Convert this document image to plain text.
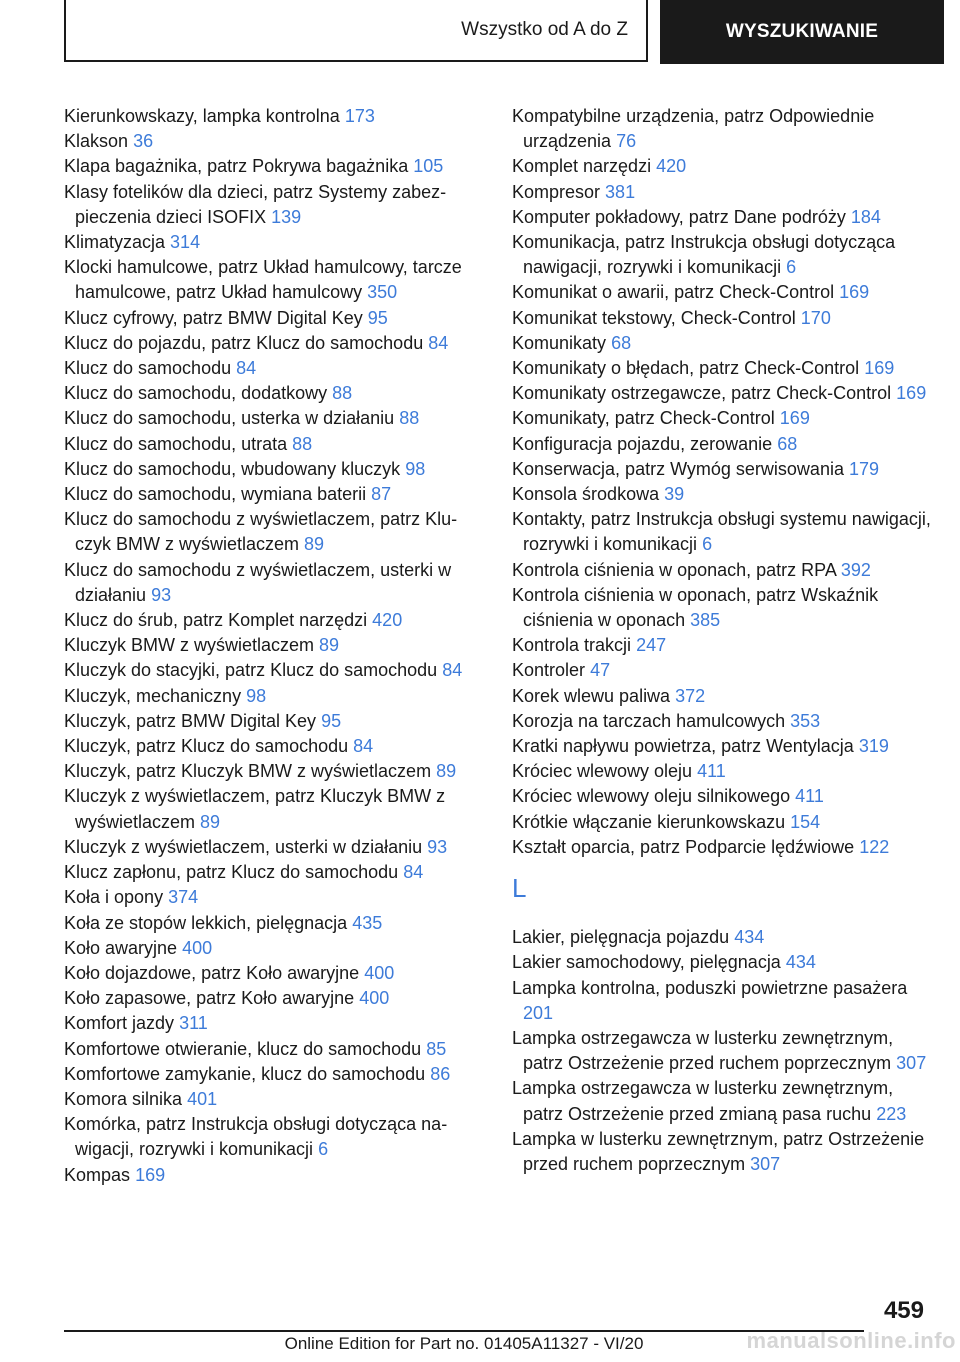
Wszystko od A do Z	WYSZUKIWANIE
Kierunkowskazy, lampka kontrolna 173
Klakson 36
Klapa bagażnika, patrz Pokrywa bagażnika 105
Klasy fotelików dla dzieci, patrz Systemy zabezpieczenia dzieci ISOFIX 139
Klimatyzacja 314
Klocki hamulcowe, patrz Układ hamulcowy, tarcze hamulcowe, patrz Układ hamulcowy 350
Klucz cyfrowy, patrz BMW Digital Key 95
Klucz do pojazdu, patrz Klucz do samochodu 84
Klucz do samochodu 84
Klucz do samochodu, dodatkowy 88
Klucz do samochodu, usterka w działaniu 88
Klucz do samochodu, utrata 88
Klucz do samochodu, wbudowany kluczyk 98
Klucz do samochodu, wymiana baterii 87
Klucz do samochodu z wyświetlaczem, patrz Kluczyk BMW z wyświetlaczem 89
Klucz do samochodu z wyświetlaczem, usterki w działaniu 93
Klucz do śrub, patrz Komplet narzędzi 420
Kluczyk BMW z wyświetlaczem 89
Kluczyk do stacyjki, patrz Klucz do samochodu 84
Kluczyk, mechaniczny 98
Kluczyk, patrz BMW Digital Key 95
Kluczyk, patrz Klucz do samochodu 84
Kluczyk, patrz Kluczyk BMW z wyświetlaczem 89
Kluczyk z wyświetlaczem, patrz Kluczyk BMW z wyświetlaczem 89
Kluczyk z wyświetlaczem, usterki w działaniu 93
Klucz zapłonu, patrz Klucz do samochodu 84
Koła i opony 374
Koła ze stopów lekkich, pielęgnacja 435
Koło awaryjne 400
Koło dojazdowe, patrz Koło awaryjne 400
Koło zapasowe, patrz Koło awaryjne 400
Komfort jazdy 311
Komfortowe otwieranie, klucz do samochodu 85
Komfortowe zamykanie, klucz do samochodu 86
Komora silnika 401
Komórka, patrz Instrukcja obsługi dotycząca nawigacji, rozrywki i komunikacji 6
Kompas 169
Kompatybilne urządzenia, patrz Odpowiednie urządzenia 76
Komplet narzędzi 420
Kompresor 381
Komputer pokładowy, patrz Dane podróży 184
Komunikacja, patrz Instrukcja obsługi dotycząca nawigacji, rozrywki i komunikacji 6
Komunikat o awarii, patrz Check-Control 169
Komunikat tekstowy, Check-Control 170
Komunikaty 68
Komunikaty o błędach, patrz Check-Control 169
Komunikaty ostrzegawcze, patrz Check-Control 169
Komunikaty, patrz Check-Control 169
Konfiguracja pojazdu, zerowanie 68
Konserwacja, patrz Wymóg serwisowania 179
Konsola środkowa 39
Kontakty, patrz Instrukcja obsługi systemu nawigacji, rozrywki i komunikacji 6
Kontrola ciśnienia w oponach, patrz RPA 392
Kontrola ciśnienia w oponach, patrz Wskaźnik ciśnienia w oponach 385
Kontrola trakcji 247
Kontroler 47
Korek wlewu paliwa 372
Korozja na tarczach hamulcowych 353
Kratki napływu powietrza, patrz Wentylacja 319
Króciec wlewowy oleju 411
Króciec wlewowy oleju silnikowego 411
Krótkie włączanie kierunkowskazu 154
Kształt oparcia, patrz Podparcie lędźwiowe 122
L
Lakier, pielęgnacja pojazdu 434
Lakier samochodowy, pielęgnacja 434
Lampka kontrolna, poduszki powietrzne pasażera 201
Lampka ostrzegawcza w lusterku zewnętrznym, patrz Ostrzeżenie przed ruchem poprzecznym 307
Lampka ostrzegawcza w lusterku zewnętrznym, patrz Ostrzeżenie przed zmianą pasa ruchu 223
Lampka w lusterku zewnętrznym, patrz Ostrzeżenie przed ruchem poprzecznym 307
459
Online Edition for Part no. 01405A11327 - VI/20	manualsonline.info
